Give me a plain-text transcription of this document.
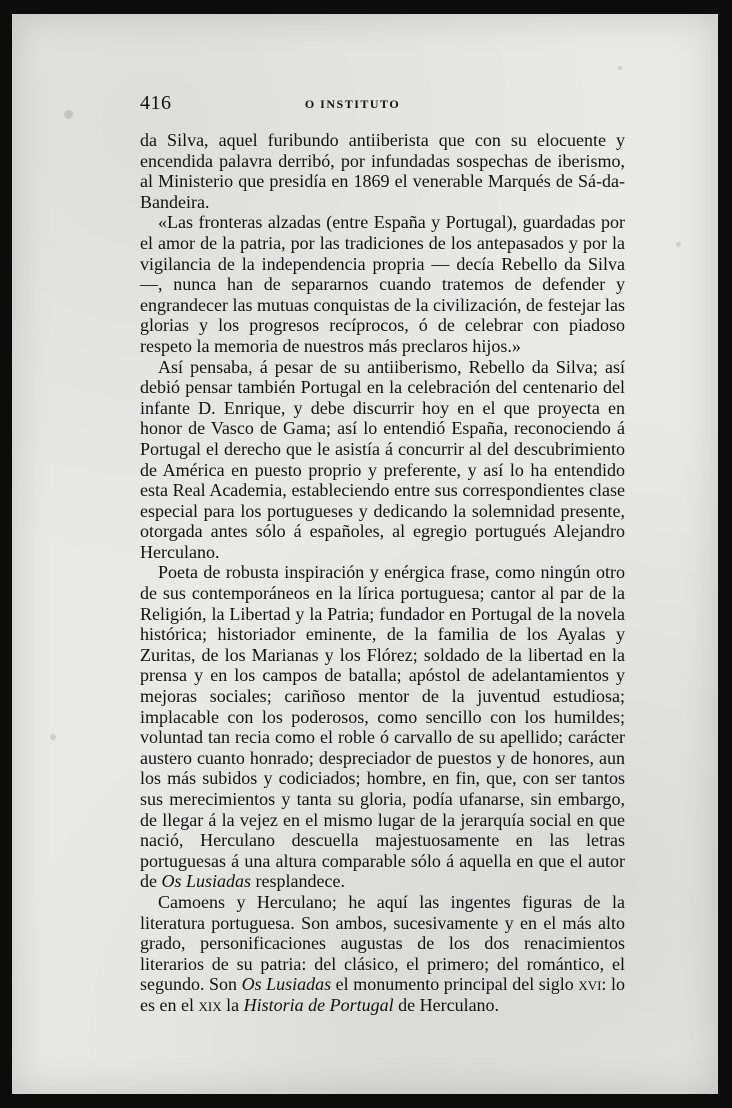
416	O INSTITUTO

da Silva, aquel furibundo antiiberista que con su elocuente y encendida palavra derribó, por infundadas sospechas de iberismo, al Ministerio que presidía en 1869 el venerable Marqués de Sá-da-Bandeira.

«Las fronteras alzadas (entre España y Portugal), guardadas por el amor de la patria, por las tradiciones de los antepasados y por la vigilancia de la independencia propria — decía Rebello da Silva —, nunca han de separarnos cuando tratemos de defender y engrandecer las mutuas conquistas de la civilización, de festejar las glorias y los progresos recíprocos, ó de celebrar con piadoso respeto la memoria de nuestros más preclaros hijos.»

Así pensaba, á pesar de su antiiberismo, Rebello da Silva; así debió pensar también Portugal en la celebración del centenario del infante D. Enrique, y debe discurrir hoy en el que proyecta en honor de Vasco de Gama; así lo entendió España, reconociendo á Portugal el derecho que le asistía á concurrir al del descubrimiento de América en puesto proprio y preferente, y así lo ha entendido esta Real Academia, estableciendo entre sus correspondientes clase especial para los portugueses y dedicando la solemnidad presente, otorgada antes sólo á españoles, al egregio portugués Alejandro Herculano.

Poeta de robusta inspiración y enérgica frase, como ningún otro de sus contemporáneos en la lírica portuguesa; cantor al par de la Religión, la Libertad y la Patria; fundador en Portugal de la novela histórica; historiador eminente, de la familia de los Ayalas y Zuritas, de los Marianas y los Flórez; soldado de la libertad en la prensa y en los campos de batalla; apóstol de adelantamientos y mejoras sociales; cariñoso mentor de la juventud estudiosa; implacable con los poderosos, como sencillo con los humildes; voluntad tan recia como el roble ó carvallo de su apellido; carácter austero cuanto honrado; despreciador de puestos y de honores, aun los más subidos y codiciados; hombre, en fin, que, con ser tantos sus merecimientos y tanta su gloria, podía ufanarse, sin embargo, de llegar á la vejez en el mismo lugar de la jerarquía social en que nació, Herculano descuella majestuosamente en las letras portuguesas á una altura comparable sólo á aquella en que el autor de Os Lusiadas resplandece.

Camoens y Herculano; he aquí las ingentes figuras de la literatura portuguesa. Son ambos, sucesivamente y en el más alto grado, personificaciones augustas de los dos renacimientos literarios de su patria: del clásico, el primero; del romántico, el segundo. Son Os Lusiadas el monumento principal del siglo xvi: lo es en el xix la Historia de Portugal de Herculano.
